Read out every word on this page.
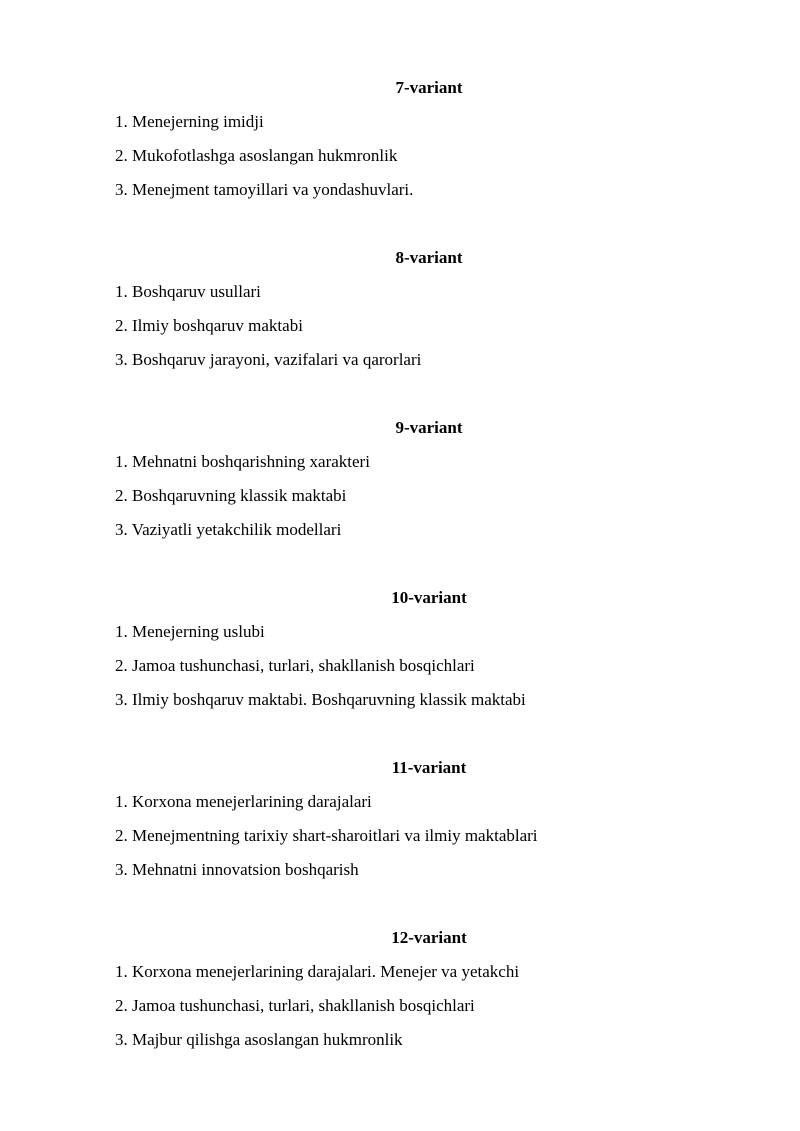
7-variant

1. Menejerning imidji

2. Mukofotlashga asoslangan hukmronlik

3. Menejment tamoyillari va yondashuvlari.

8-variant

1. Boshqaruv usullari

2. Ilmiy boshqaruv maktabi

3. Boshqaruv jarayoni, vazifalari va qarorlari

9-variant

1. Mehnatni boshqarishning xarakteri

2. Boshqaruvning klassik maktabi

3. Vaziyatli yetakchilik modellari

10-variant

1. Menejerning uslubi

2. Jamoa tushunchasi, turlari, shakllanish bosqichlari

3. Ilmiy boshqaruv maktabi. Boshqaruvning klassik maktabi

11-variant

1. Korxona menejerlarining darajalari

2. Menejmentning tarixiy shart-sharoitlari va ilmiy maktablari

3. Mehnatni innovatsion boshqarish

12-variant

1. Korxona menejerlarining darajalari. Menejer va yetakchi

2. Jamoa tushunchasi, turlari, shakllanish bosqichlari

3. Majbur qilishga asoslangan hukmronlik
